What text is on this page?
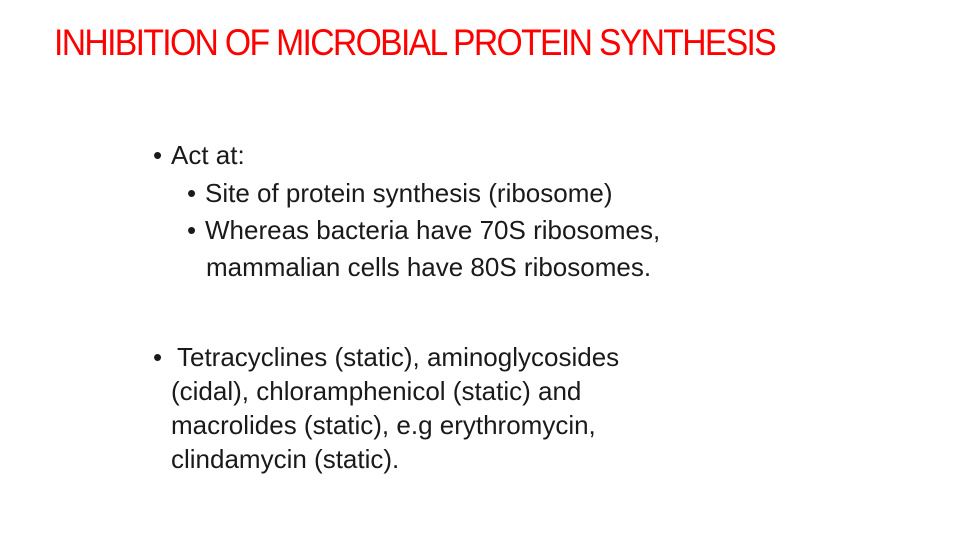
INHIBITION OF MICROBIAL PROTEIN SYNTHESIS
• Act at:
• Site of protein synthesis (ribosome)
• Whereas bacteria have 70S ribosomes,
mammalian cells have 80S ribosomes.
• Tetracyclines (static), aminoglycosides
(cidal), chloramphenicol (static) and
macrolides (static), e.g erythromycin,
clindamycin (static).
